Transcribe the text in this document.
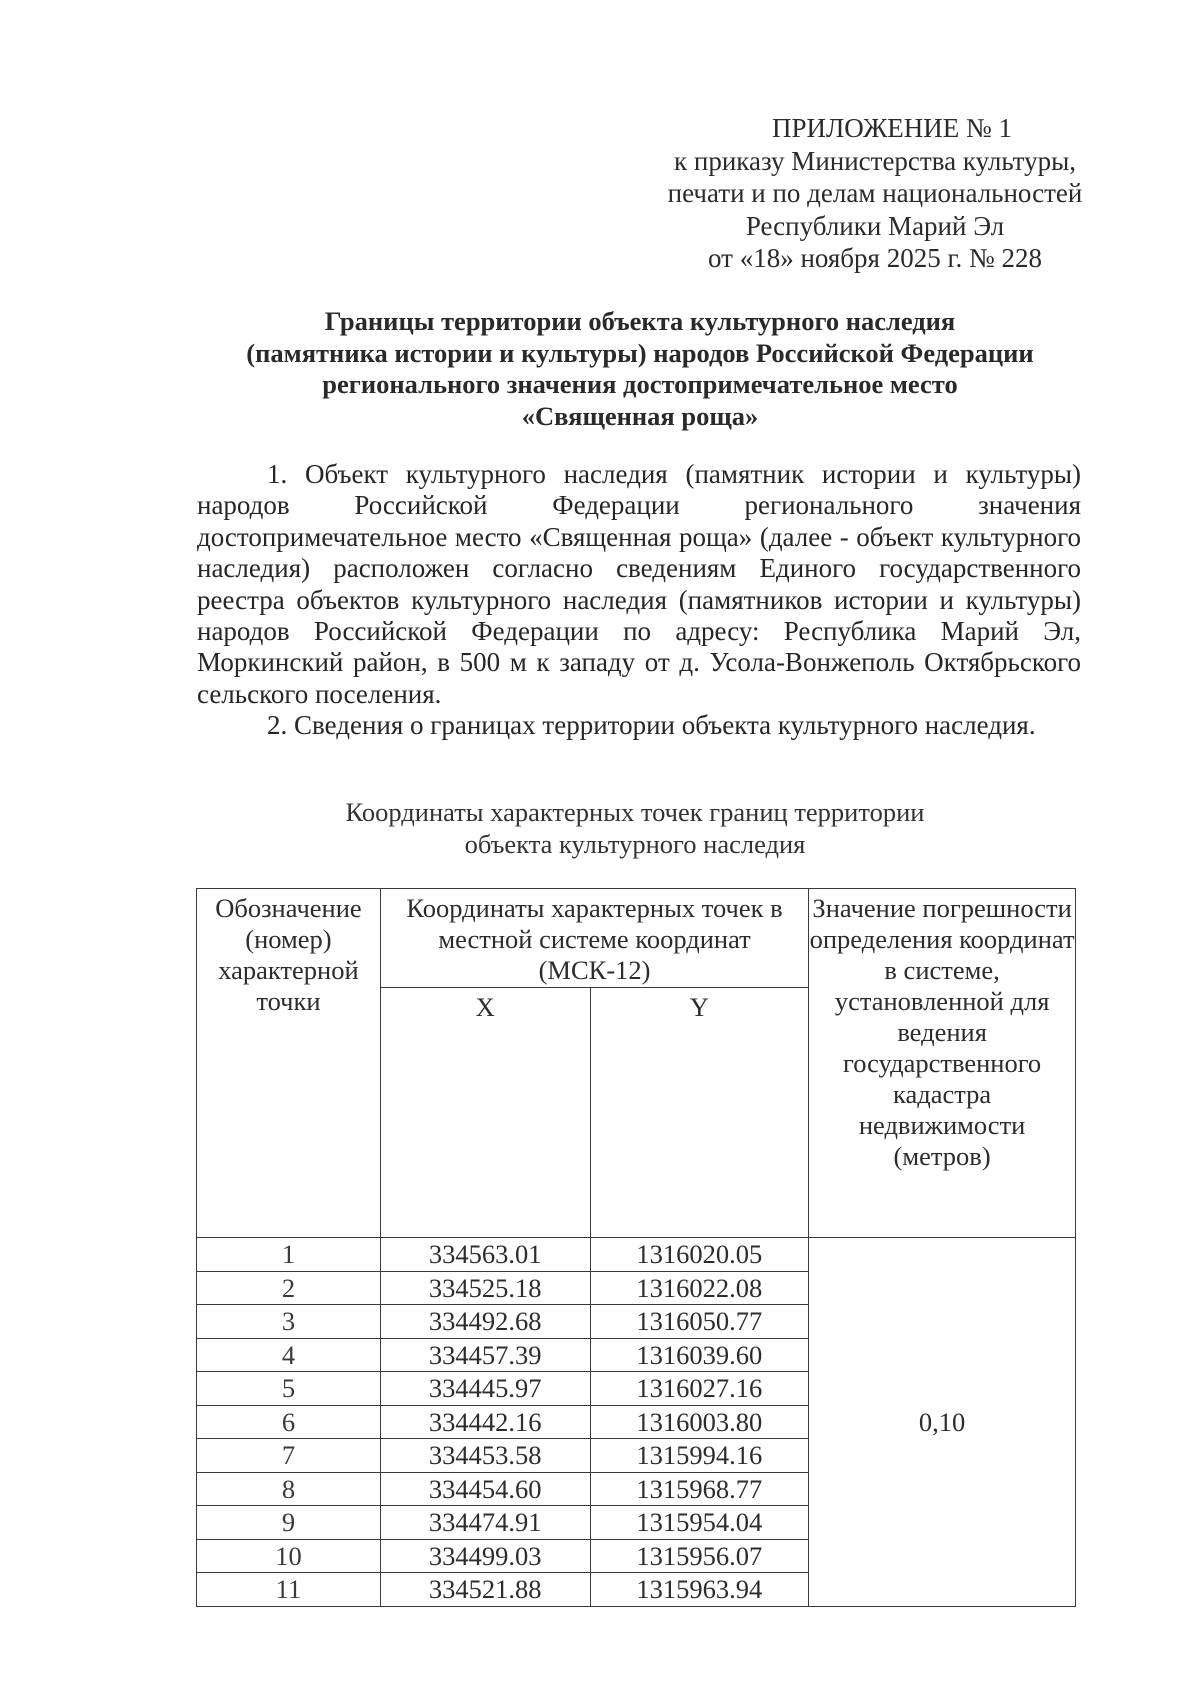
ПРИЛОЖЕНИЕ № 1
к приказу Министерства культуры,
печати и по делам национальностей
Республики Марий Эл
от «18» ноября 2025 г. № 228
Границы территории объекта культурного наследия
(памятника истории и культуры) народов Российской Федерации
регионального значения достопримечательное место
«Священная роща»

1. Объект культурного наследия (памятник истории и культуры) народов Российской Федерации регионального значения достопримечательное место «Священная роща» (далее - объект культурного наследия) расположен согласно сведениям Единого государственного реестра объектов культурного наследия (памятников истории и культуры) народов Российской Федерации по адресу: Республика Марий Эл, Моркинский район, в 500 м к западу от д. Усола-Вонжеполь Октябрьского сельского поселения.

2. Сведения о границах территории объекта культурного наследия.

Координаты характерных точек границ территории
объекта культурного наследия
Обозначение (номер) характерной точки	Координаты характерных точек в местной системе координат (МСК-12)		Значение погрешности определения координат в системе, установленной для ведения государственного кадастра недвижимости (метров)
	X	Y	
1	334563.01	1316020.05	0,10
2	334525.18	1316022.08	
3	334492.68	1316050.77	
4	334457.39	1316039.60	
5	334445.97	1316027.16	
6	334442.16	1316003.80	
7	334453.58	1315994.16	
8	334454.60	1315968.77	
9	334474.91	1315954.04	
10	334499.03	1315956.07	
11	334521.88	1315963.94	
